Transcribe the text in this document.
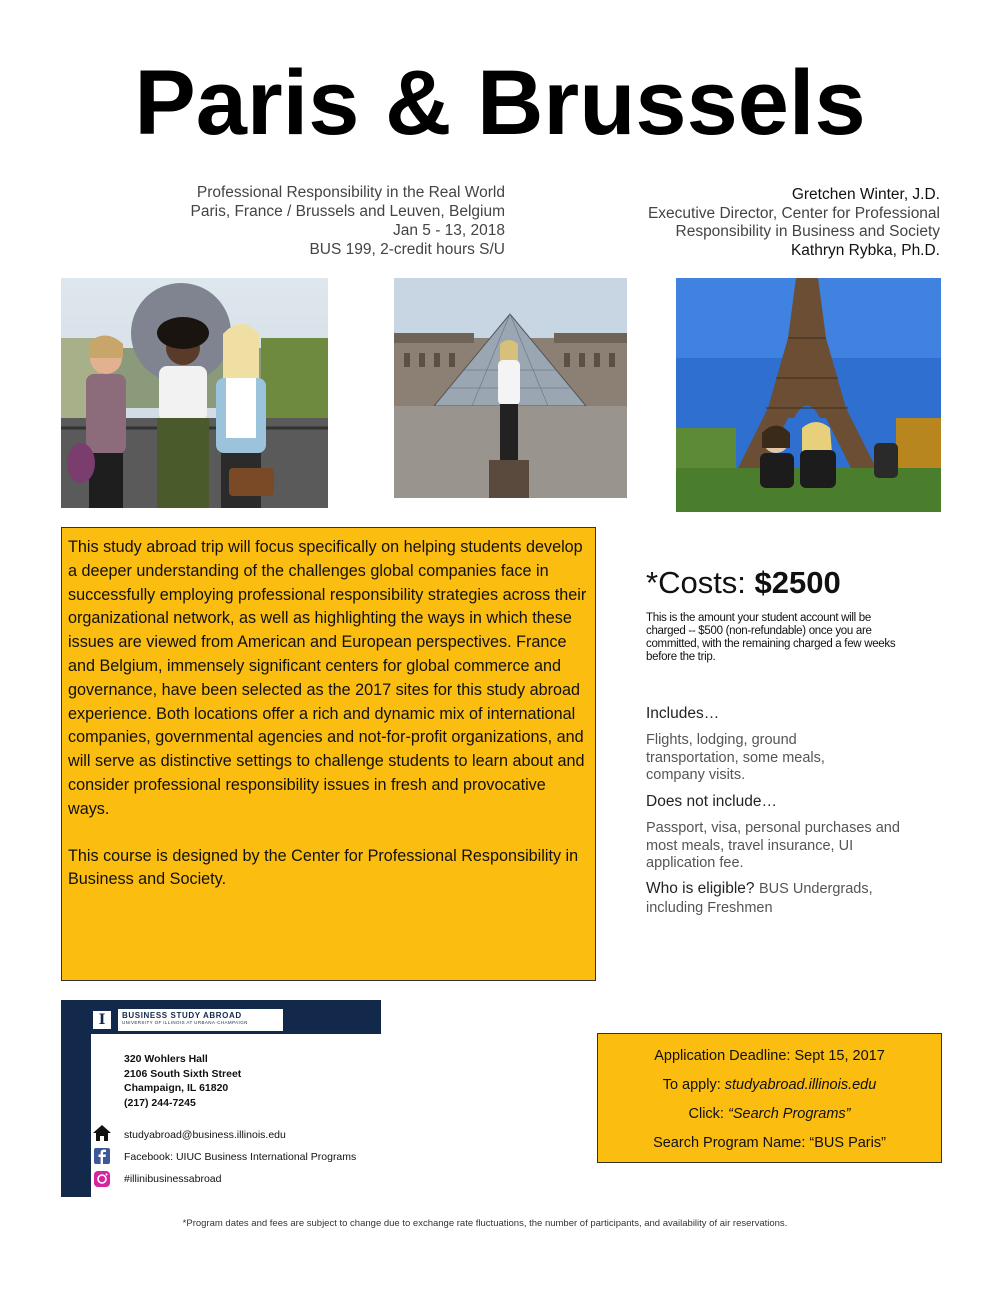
Paris & Brussels
Professional Responsibility in the Real World
Paris, France / Brussels and Leuven, Belgium
Jan 5 - 13, 2018
BUS 199, 2-credit hours S/U
Gretchen Winter, J.D.
Executive Director, Center for Professional
Responsibility in Business and Society
Kathryn Rybka, Ph.D.

This study abroad trip will focus specifically on helping students develop a deeper understanding of the challenges global companies face in successfully employing professional responsibility strategies across their organizational network, as well as highlighting the ways in which these issues are viewed from American and European perspectives. France and Belgium, immensely significant centers for global commerce and governance, have been selected as the 2017 sites for this study abroad experience. Both locations offer a rich and dynamic mix of international companies, governmental agencies and not-for-profit organizations, and will serve as distinctive settings to challenge students to learn about and consider professional responsibility issues in fresh and provocative ways.

This course is designed by the Center for Professional Responsibility in Business and Society.

*Costs: $2500
This is the amount your student account will be charged -- $500 (non-refundable) once you are committed, with the remaining charged a few weeks before the trip.
Includes…
Flights, lodging, ground transportation, some meals, company visits.
Does not include…
Passport, visa, personal purchases and most meals, travel insurance, UI application fee.
Who is eligible? BUS Undergrads, including Freshmen
I	BUSINESS STUDY ABROAD
UNIVERSITY OF ILLINOIS AT URBANA-CHAMPAIGN
320 Wohlers Hall
2106 South Sixth Street
Champaign, IL 61820
(217) 244-7245
studyabroad@business.illinois.edu
Facebook: UIUC Business International Programs
#illinibusinessabroad
Application Deadline: Sept 15, 2017
To apply: studyabroad.illinois.edu
Click: “Search Programs”
Search Program Name: “BUS Paris”
*Program dates and fees are subject to change due to exchange rate fluctuations, the number of participants, and availability of air reservations.
